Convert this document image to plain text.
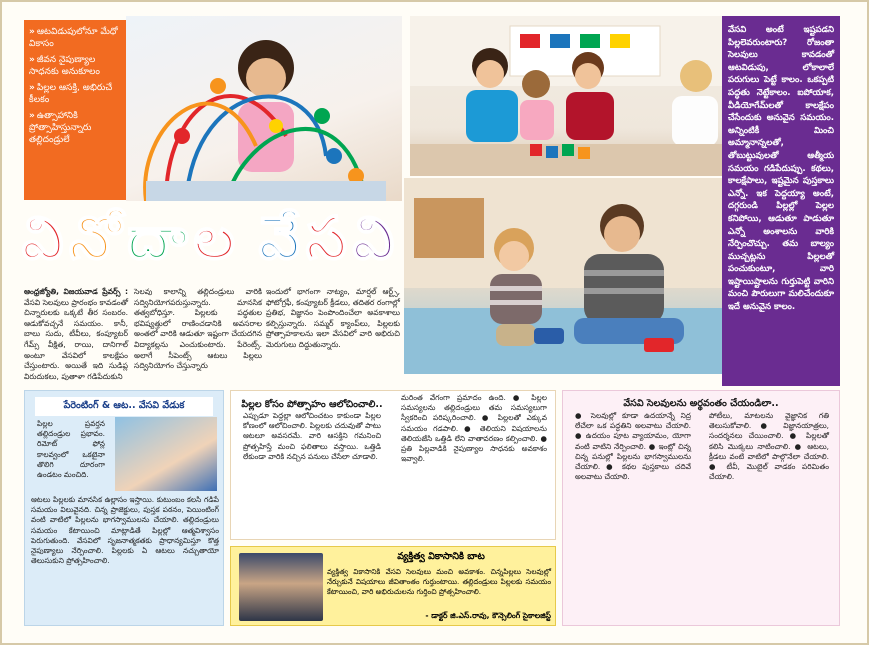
» ఆటవిడుపులోనూ మేధో వికాసం
» జీవన నైపుణ్యాల సాధనకు అనుకూలం
» పిల్లల ఆసక్తి, అభిరుచే కీలకం
» ఉత్సాహానికి ప్రోత్సాహిస్తున్నారు తల్లిదండ్రులే

వేసవి అంటే ఇష్టపడని పిల్లలెవరుంటారు? రోజంతా సెలవులు కావడంతో ఆటవిడుపు, లోకాలాలే పరుగులు పెట్టే కాలం. ఒకప్పటి పద్ధతు నెట్టేకాలం. ఐపోయాక, వీడియోగేమ్‌లతో కాలక్షేపం చేసేందుకు అనువైన సమయం. అన్నింటికీ మించి అమ్మానాన్నలతో, తోబుట్టువులతో ఆత్మీయ సమయం గడిపేదుప్పు. కథలు, కాలక్షేపాలు, ఇష్టమైన పుస్తకాలు ఎన్నో. ఇక పెద్దయ్యా అంటే, దగ్గరుండి పిల్లల్లో పెల్లల కనిపోయి, ఆడుతూ పాడుతూ ఎన్నో అంశాలను వారికి నేర్పించొచ్చు. తమ బాల్యం ముచ్చట్లను పిల్లలతో పంచుకుంటూ, వారి ఇష్టాయిష్టాలను గుర్తుపెట్టి వారిని మంచి పౌరులుగా మలిచేందుకూ ఇదే అనువైన కాలం.

వినోదాల వేసవి
ఆంధ్రజ్యోతి, విజయవాడ ప్రేవర్స్ : వేసవి సెలవులు ప్రారంభం కావడంతో చిన్నారులకు ఒక్కటే తీర సంబరం. ఆడుకోవచ్చనే సమయం. కానీ, బాలు సుదు, టీవీలు, కంప్యూటర్ గేమ్స్ వీక్షిత, రాయి, దానిగాల్ అంటూ వేసవిలో కాలక్షేపం చేస్తుంటారు. అయితే ఇది సుడిప్ల విరుదుకలు, పుతాళా గడిపేదుకుని
సెలవు కాలాన్ని తల్లిదండ్రులు వారికి సద్వినియోగపరుస్తున్నారు. మానసిక తత్వబోధిస్తూ. పిల్లలకు పద్ధతుల భవిష్యత్తులో రాణించడానికి అవసరాల అంతలో వారికి ఆడుతూ ఇష్టంగా చేయదగిన విద్యాకల్లను ఎంచుకుంటారు. పేరెంట్స్. అలాగే సీపెంట్స్ ఆటలు పిల్లలు సద్వినియోగం చేస్తున్నారు
ఇందులో భాగంగా నాట్యం, మార్షల్ ఆర్ట్స్, ఫోటోగ్రఫీ, కంప్యూటర్ క్రీడలు, తదితర రంగాల్లో ప్రతిభ, విజ్ఞానం పెంపొందించేలా అవకాశాలు కల్పిస్తున్నారు. సమ్మర్ క్యాంప్‌లు, పిల్లలకు ప్రోత్సాహకాలను ఇలా వేసవిలో వారి అభిరుచి మెరుగులు దిద్దుతున్నారు.
పేరెంటింగ్ & ఆట.. వేసవి వేడుక
పిల్లల ప్రవర్తన తల్లిదండ్రుల ప్రభావం. రిమోట్ ఫోన్ల కాలవ్వంలో ఒకటైనా తొలిగి దూరంగా ఉండటం మంచిది.
ఆటలు పిల్లలకు మానసిక ఉల్లాసం ఇస్తాయి. కుటుంబం కలసి గడిపే సమయం విలువైనది. చిన్న ప్రాజెక్టులు, పుస్తక పఠనం, పెయింటింగ్ వంటి వాటిలో పిల్లలను భాగస్వాములను చేయాలి. తల్లిదండ్రులు సమయం కేటాయించి మాట్లాడితే పిల్లల్లో ఆత్మవిశ్వాసం పెరుగుతుంది. వేసవిలో సృజనాత్మకతకు ప్రాధాన్యమిస్తూ కొత్త నైపుణ్యాలు నేర్పించాలి. పిల్లలకు ఏ ఆటలు నచ్చుతాయో తెలుసుకుని ప్రోత్సహించాలి.
పిల్లల కోసం పోత్సాహం ఆలోచించాలి..
ఎప్పుడూ పెద్దల్లా ఆలోచించటం కాకుండా పిల్లల కోణంలో ఆలోచించాలి. పిల్లలకు చదువుతో పాటు ఆటలూ అవసరమే. వారి ఆసక్తిని గమనించి ప్రోత్సహిస్తే మంచి ఫలితాలు వస్తాయి. ఒత్తిడి లేకుండా వారికి నచ్చిన పనులు చేసేలా చూడాలి.
మరింత వేగంగా ప్రమాదం ఉంది. ● పిల్లల సమస్యలను తల్లిదండ్రులు తమ సమస్యలుగా స్వీకరించి పరిష్కరించాలి. ● పిల్లలతో ఎక్కువ సమయం గడపాలి. ● తెలియని విషయాలను తెలియజేసి ఒత్తిడి లేని వాతావరణం కల్పించాలి. ● ప్రతి పిల్లవాడికి నైపుణ్యాల సాధనకు అవకాశం ఇవ్వాలి.
వేసవి సెలవులను అర్థవంతం చేయండిలా..
● సెలవుల్లో కూడా ఉదయాన్నే నిద్ర లేచేలా ఒక పద్ధతిని అలవాటు చేయాలి. ● ఉదయం పూట వ్యాయామం, యోగా వంటి వాటిని నేర్పించాలి. ● ఇంట్లో చిన్న చిన్న పనుల్లో పిల్లలను భాగస్వాములను చేయాలి. ● కథల పుస్తకాలు చదివే అలవాటు చేయాలి.
పోటీలు, మాటలను వైజ్ఞానిక గతి తెలుసుకోవాలి. ● విజ్ఞానయాత్రలు, సందర్శనలు చేయించాలి. ● పిల్లలతో కలిసి మొక్కలు నాటించాలి. ● ఆటలు, క్రీడలు వంటి వాటిలో పాల్గొనేలా చేయాలి. ● టీవీ, మొబైల్ వాడకం పరిమితం చేయాలి.
వ్యక్తిత్వ వికాసానికి బాట
వ్యక్తిత్వ వికాసానికి వేసవి సెలవులు మంచి అవకాశం. చిన్నపిల్లలు సెలవుల్లో నేర్చుకునే విషయాలు జీవితాంతం గుర్తుంటాయి. తల్లిదండ్రులు పిల్లలకు సమయం కేటాయించి, వారి అభిరుచులను గుర్తించి ప్రోత్సహించాలి.
- డాక్టర్ జి.ఎస్.రావు, కౌన్సెలింగ్ సైకాలజిస్ట్
